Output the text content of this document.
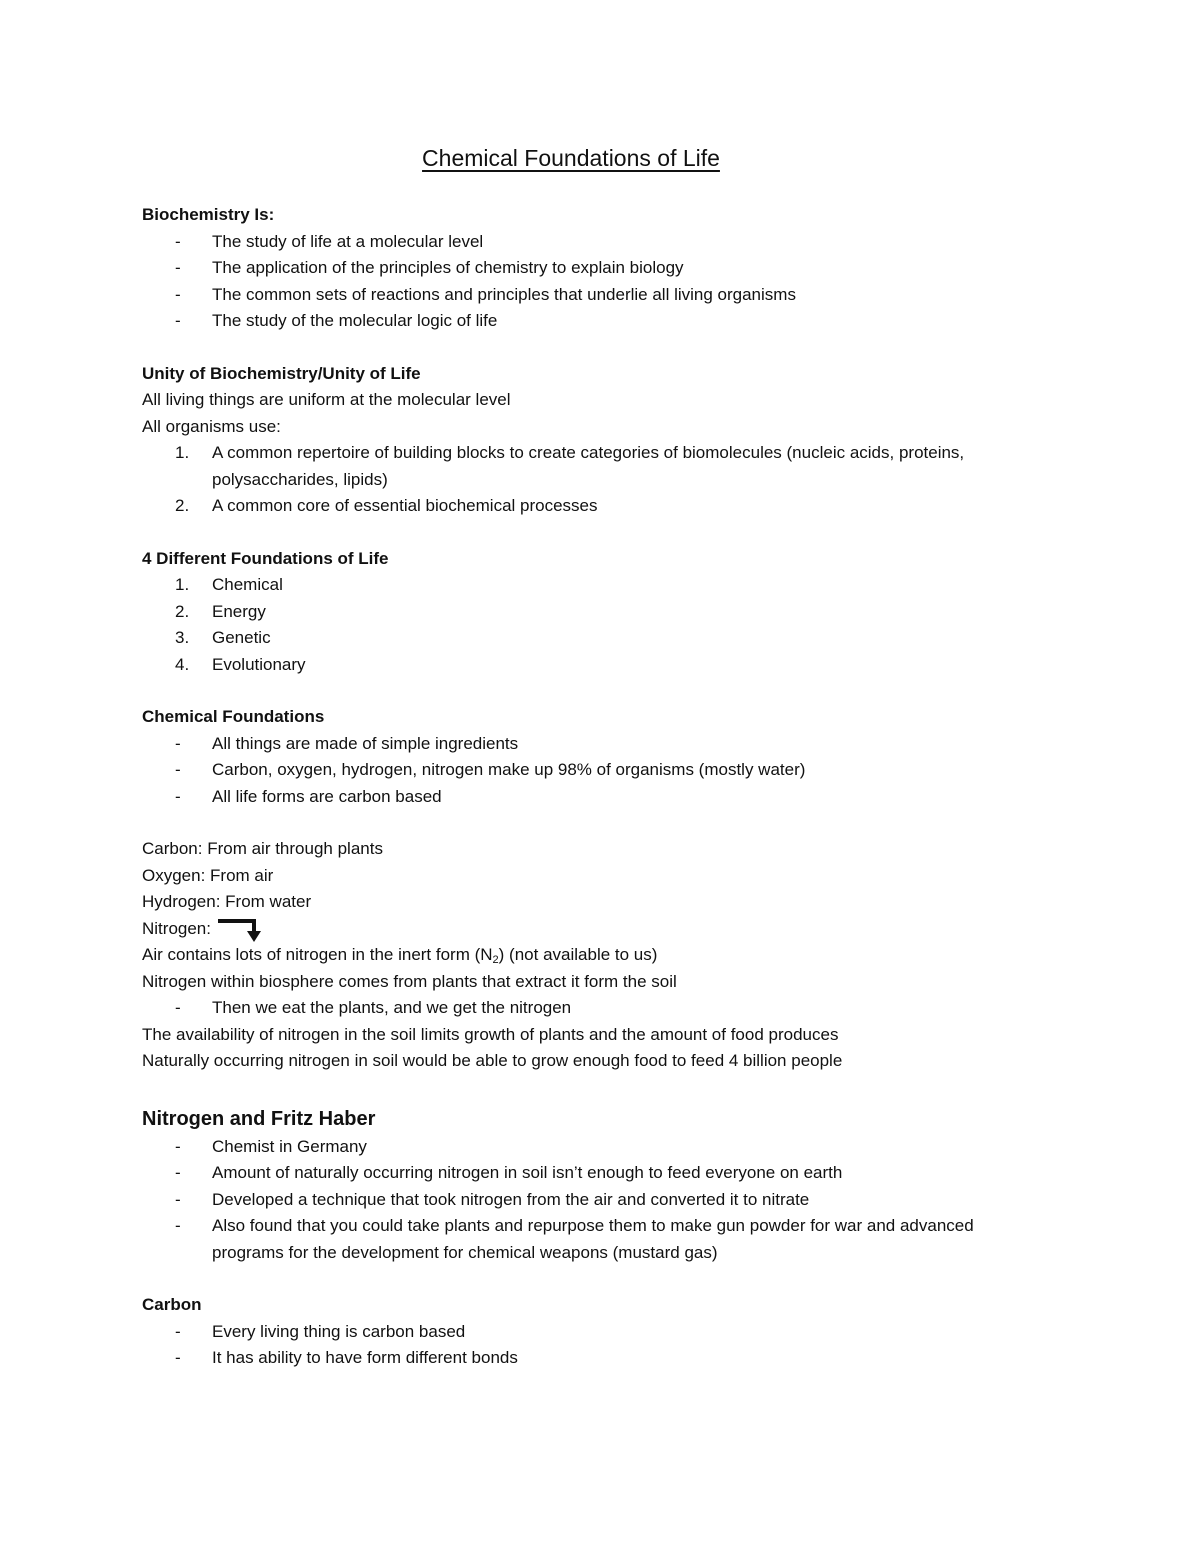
Chemical Foundations of Life
Biochemistry Is:
- The study of life at a molecular level
- The application of the principles of chemistry to explain biology
- The common sets of reactions and principles that underlie all living organisms
- The study of the molecular logic of life
Unity of Biochemistry/Unity of Life
All living things are uniform at the molecular level
All organisms use:
1. A common repertoire of building blocks to create categories of biomolecules (nucleic acids, proteins, polysaccharides, lipids)
2. A common core of essential biochemical processes
4 Different Foundations of Life
1. Chemical
2. Energy
3. Genetic
4. Evolutionary
Chemical Foundations
- All things are made of simple ingredients
- Carbon, oxygen, hydrogen, nitrogen make up 98% of organisms (mostly water)
- All life forms are carbon based
Carbon: From air through plants
Oxygen: From air
Hydrogen: From water
Nitrogen:
Air contains lots of nitrogen in the inert form $(N_2)$ (not available to us)
Nitrogen within biosphere comes from plants that extract it form the soil
- Then we eat the plants, and we get the nitrogen
The availability of nitrogen in the soil limits growth of plants and the amount of food produces
Naturally occurring nitrogen in soil would be able to grow enough food to feed 4 billion people
Nitrogen and Fritz Haber
- Chemist in Germany
- Amount of naturally occurring nitrogen in soil isn’t enough to feed everyone on earth
- Developed a technique that took nitrogen from the air and converted it to nitrate
- Also found that you could take plants and repurpose them to make gun powder for war and advanced programs for the development for chemical weapons (mustard gas)
Carbon
- Every living thing is carbon based
- It has ability to have form different bonds
